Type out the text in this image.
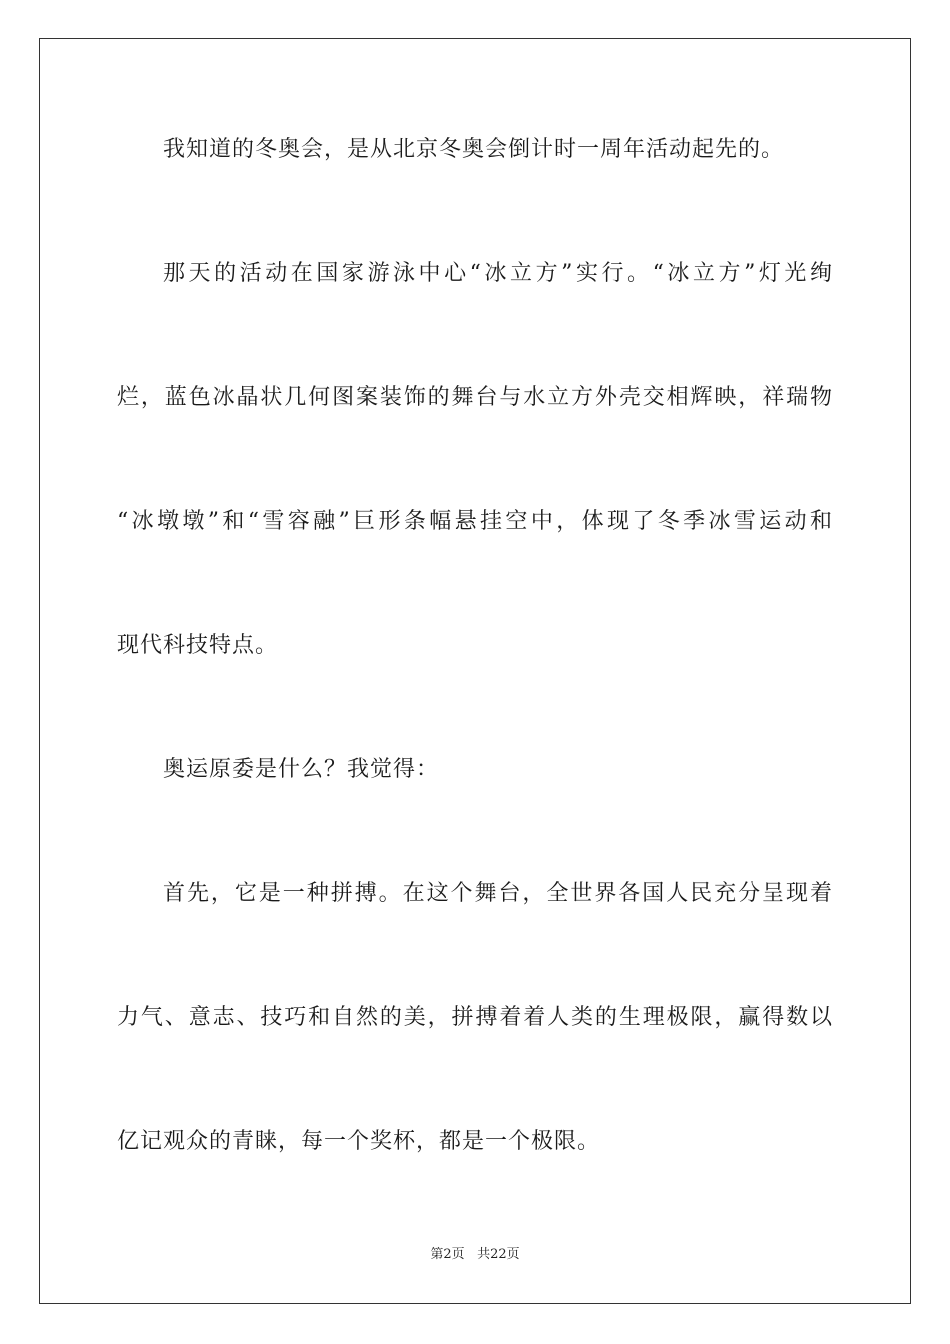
我知道的冬奥会，是从北京冬奥会倒计时一周年活动起先的。
那天的活动在国家游泳中心“冰立方”实行。“冰立方”灯光绚
烂，蓝色冰晶状几何图案装饰的舞台与水立方外壳交相辉映，祥瑞物
“冰墩墩”和“雪容融”巨形条幅悬挂空中，体现了冬季冰雪运动和
现代科技特点。
奥运原委是什么？我觉得：
首先，它是一种拼搏。在这个舞台，全世界各国人民充分呈现着
力气、意志、技巧和自然的美，拼搏着着人类的生理极限，赢得数以
亿记观众的青睐，每一个奖杯，都是一个极限。
第2页 共22页
